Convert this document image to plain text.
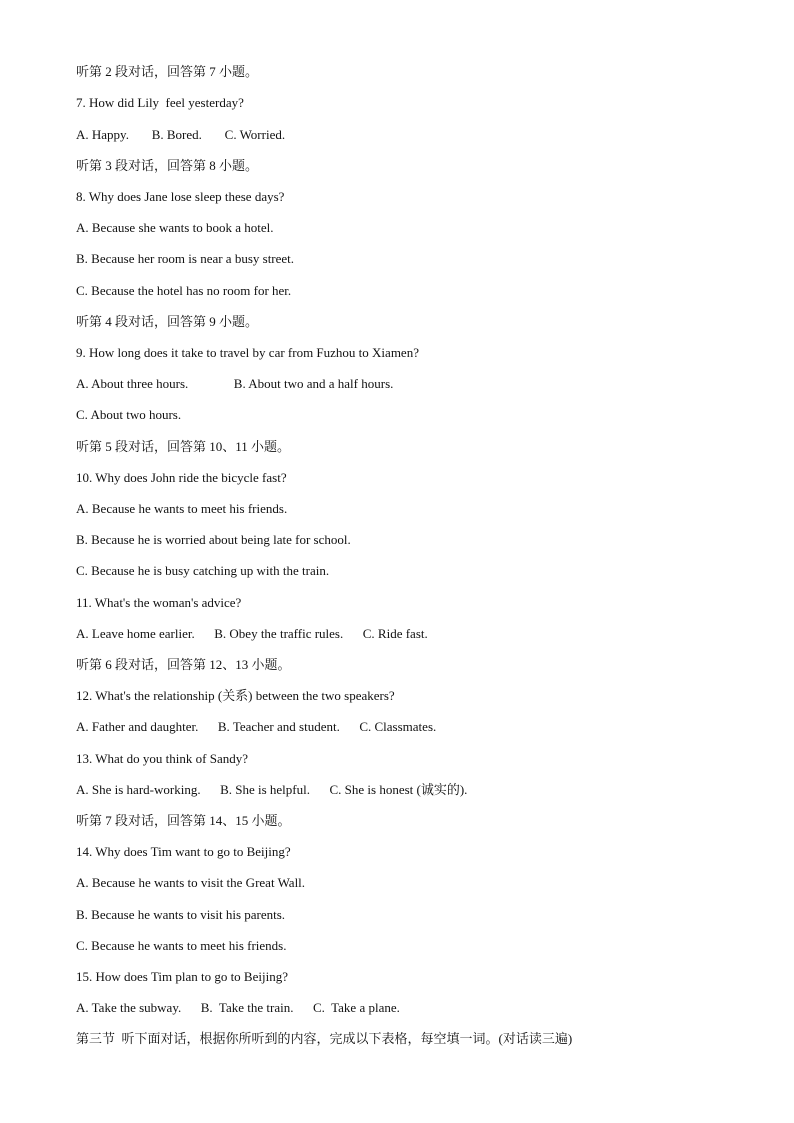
听第 2 段对话，回答第 7 小题。
7. How did Lily  feel yesterday?
A. Happy.       B. Bored.       C. Worried.
听第 3 段对话，回答第 8 小题。
8. Why does Jane lose sleep these days?
A. Because she wants to book a hotel.
B. Because her room is near a busy street.
C. Because the hotel has no room for her.
听第 4 段对话，回答第 9 小题。
9. How long does it take to travel by car from Fuzhou to Xiamen?
A. About three hours.              B. About two and a half hours.
C. About two hours.
听第 5 段对话，回答第 10、11 小题。
10. Why does John ride the bicycle fast?
A. Because he wants to meet his friends.
B. Because he is worried about being late for school.
C. Because he is busy catching up with the train.
11. What's the woman's advice?
A. Leave home earlier.      B. Obey the traffic rules.      C. Ride fast.
听第 6 段对话，回答第 12、13 小题。
12. What's the relationship (关系) between the two speakers?
A. Father and daughter.      B. Teacher and student.      C. Classmates.
13. What do you think of Sandy?
A. She is hard-working.      B. She is helpful.      C. She is honest (诚实的).
听第 7 段对话，回答第 14、15 小题。
14. Why does Tim want to go to Beijing?
A. Because he wants to visit the Great Wall.
B. Because he wants to visit his parents.
C. Because he wants to meet his friends.
15. How does Tim plan to go to Beijing?
A. Take the subway.      B.  Take the train.      C.  Take a plane.
第三节  听下面对话，根据你所听到的内容，完成以下表格，每空填一词。(对话读三遍)
